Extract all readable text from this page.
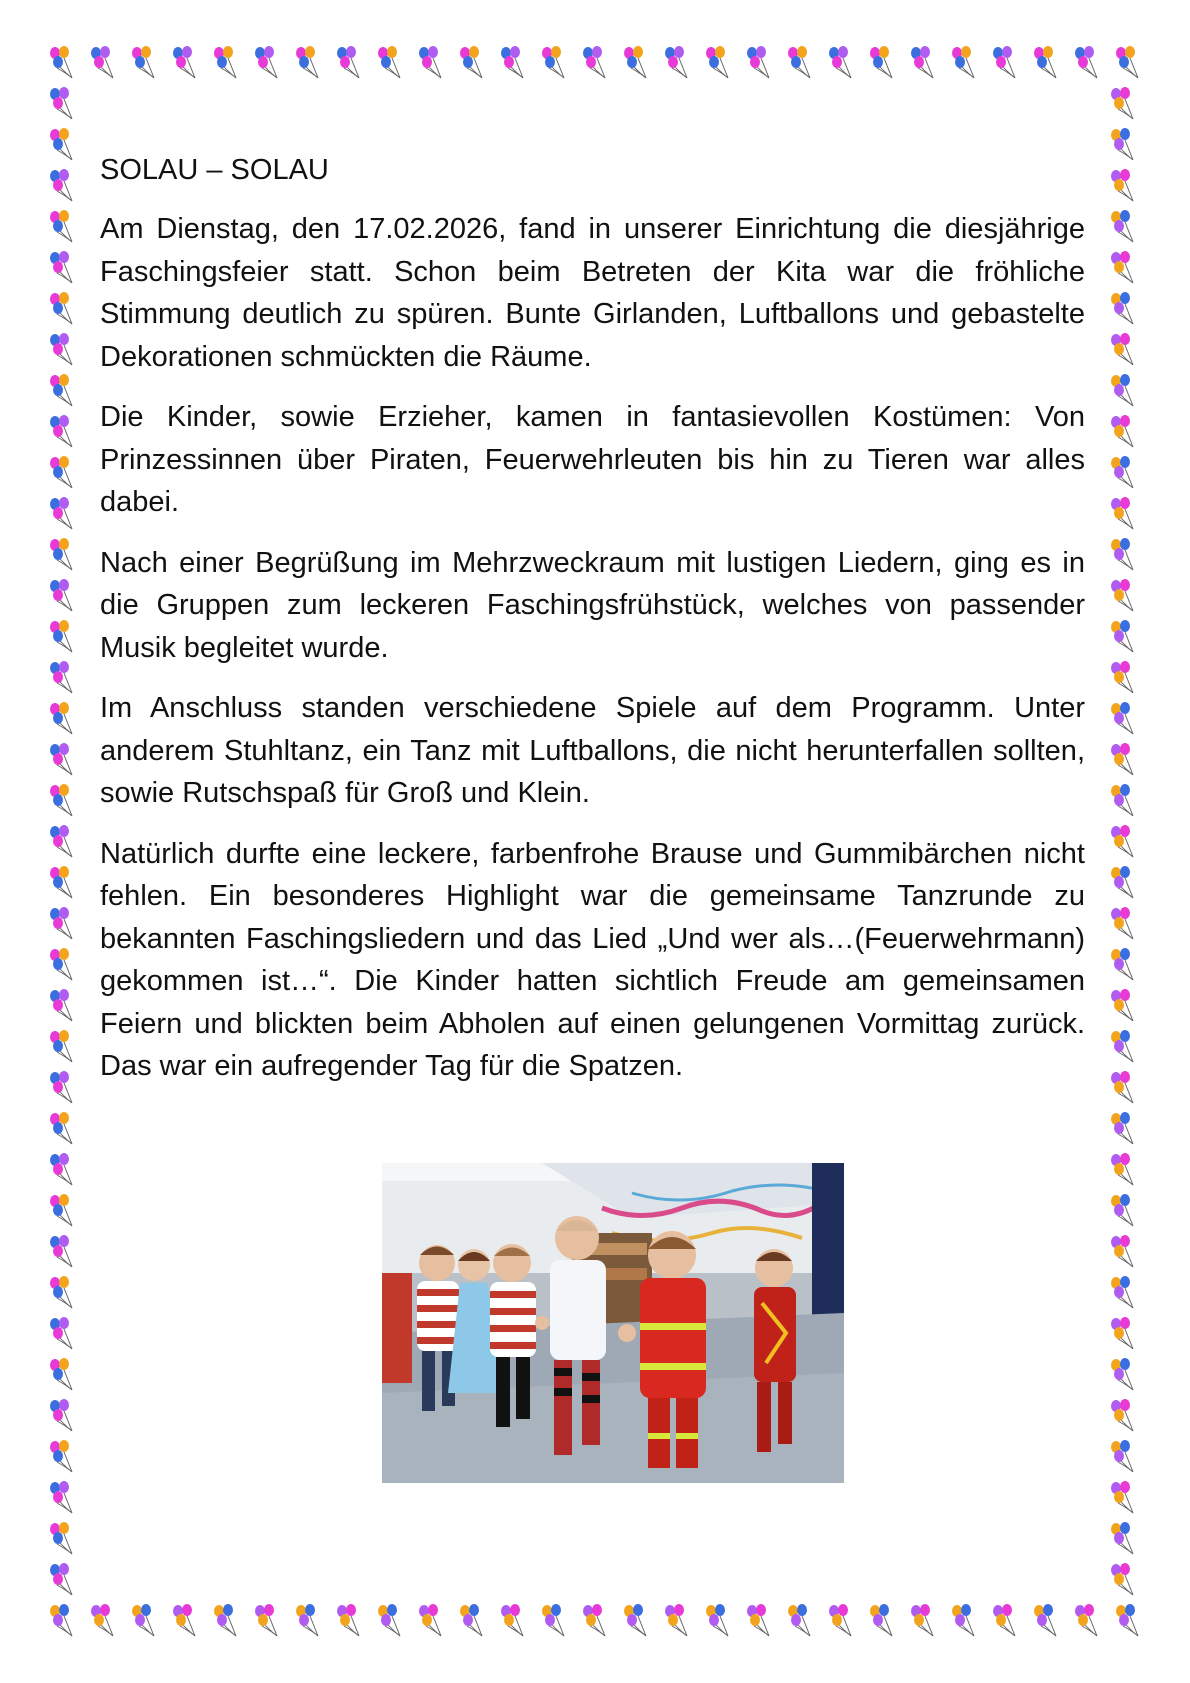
SOLAU – SOLAU

Am Dienstag, den 17.02.2026, fand in unserer Einrichtung die diesjährige Faschingsfeier statt. Schon beim Betreten der Kita war die fröhliche Stimmung deutlich zu spüren. Bunte Girlanden, Luftballons und gebastelte Dekorationen schmückten die Räume.

Die Kinder, sowie Erzieher, kamen in fantasievollen Kostümen: Von Prinzessinnen über Piraten, Feuerwehrleuten bis hin zu Tieren war alles dabei.

Nach einer Begrüßung im Mehrzweckraum mit lustigen Liedern, ging es in die Gruppen zum leckeren Faschingsfrühstück, welches von passender Musik begleitet wurde.

Im Anschluss standen verschiedene Spiele auf dem Programm. Unter anderem Stuhltanz, ein Tanz mit Luftballons, die nicht herunterfallen sollten, sowie Rutschspaß für Groß und Klein.

Natürlich durfte eine leckere, farbenfrohe Brause und Gummibärchen nicht fehlen. Ein besonderes Highlight war die gemeinsame Tanzrunde zu bekannten Faschingsliedern und das Lied „Und wer als…(Feuerwehrmann) gekommen ist…“. Die Kinder hatten sichtlich Freude am gemeinsamen Feiern und blickten beim Abholen auf einen gelungenen Vormittag zurück. Das war ein aufregender Tag für die Spatzen.
